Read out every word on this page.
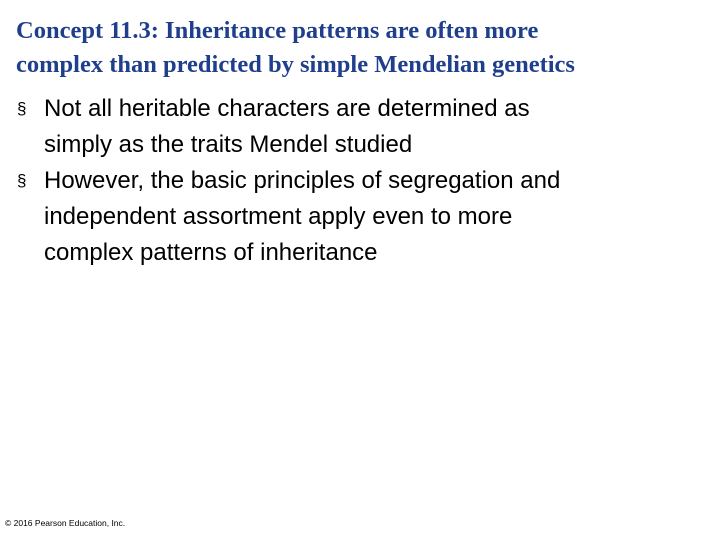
Concept 11.3: Inheritance patterns are often more
complex than predicted by simple Mendelian genetics
§ Not all heritable characters are determined as
simply as the traits Mendel studied
§ However, the basic principles of segregation and
independent assortment apply even to more
complex patterns of inheritance
© 2016 Pearson Education, Inc.
